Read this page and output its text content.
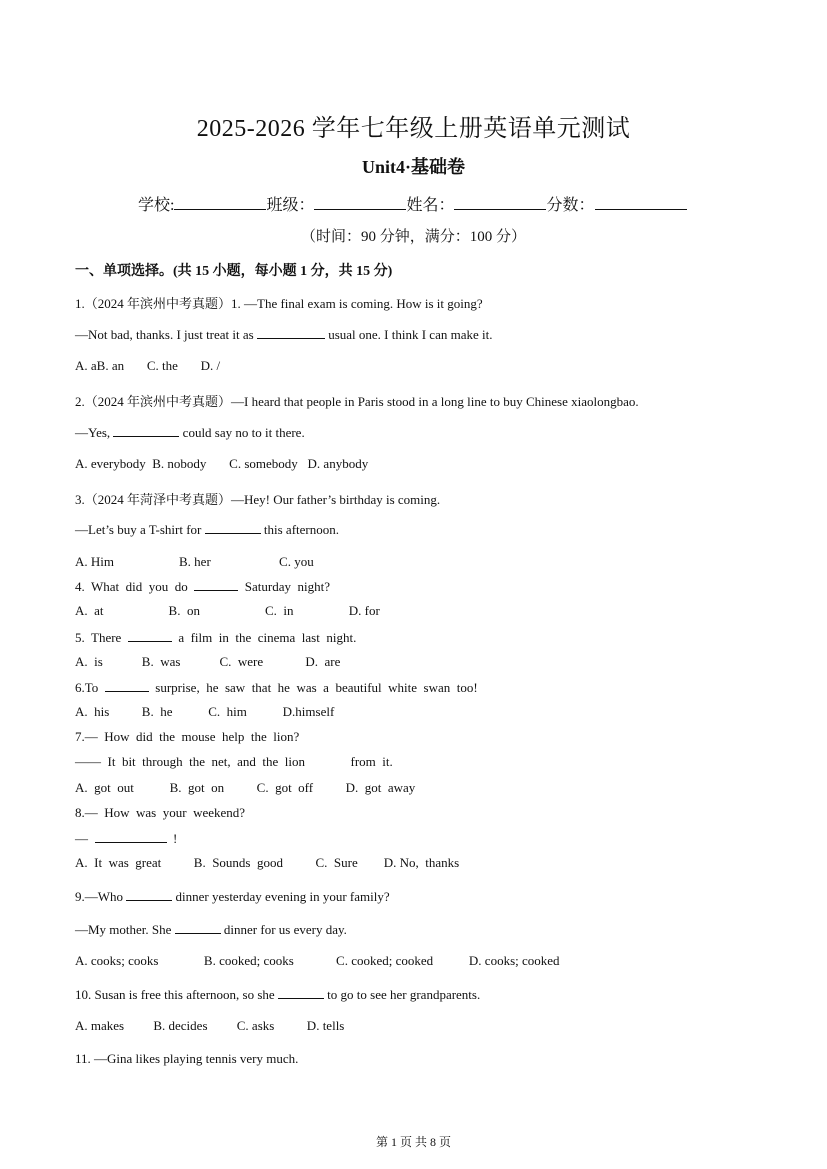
2025-2026 学年七年级上册英语单元测试
Unit4·基础卷
学校:	班级：	姓名：	分数：
（时间：90 分钟，满分：100 分）
一、单项选择。(共 15 小题，每小题 1 分，共 15 分)
1.（2024 年滨州中考真题）1. —The final exam is coming. How is it going?
—Not bad, thanks. I just treat it as	usual one. I think I can make it.
A. aB. an       C. the       D. /
2.（2024 年滨州中考真题）—I heard that people in Paris stood in a long line to buy Chinese xiaolongbao.
—Yes,	could say no to it there.
A. everybody  B. nobody       C. somebody   D. anybody
3.（2024 年菏泽中考真题）—Hey! Our father’s birthday is coming.
—Let’s buy a T-shirt for	this afternoon.
A. Him                    B. her                     C. you
4.  What  did  you  do	Saturday  night?
A.  at                    B.  on                    C.  in                 D. for
5.  There	a  film  in  the  cinema  last  night.
A.  is            B.  was            C.  were             D.  are
6.To	surprise,  he  saw  that  he  was  a  beautiful  white  swan  too!
A.  his          B.  he           C.  him           D.himself
7.—  How  did  the  mouse  help  the  lion?
——  It  bit  through  the  net,  and  the  lion              from  it.
A.  got  out           B.  got  on          C.  got  off          D.  got  away
8.—  How  was  your  weekend?
—	!
A.  It  was  great          B.  Sounds  good          C.  Sure        D. No,  thanks
9.—Who	dinner yesterday evening in your family?
—My mother. She	dinner for us every day.
A. cooks; cooks              B. cooked; cooks             C. cooked; cooked           D. cooks; cooked
10. Susan is free this afternoon, so she	to go to see her grandparents.
A. makes         B. decides         C. asks          D. tells
11. —Gina likes playing tennis very much.
第 1 页 共 8 页
